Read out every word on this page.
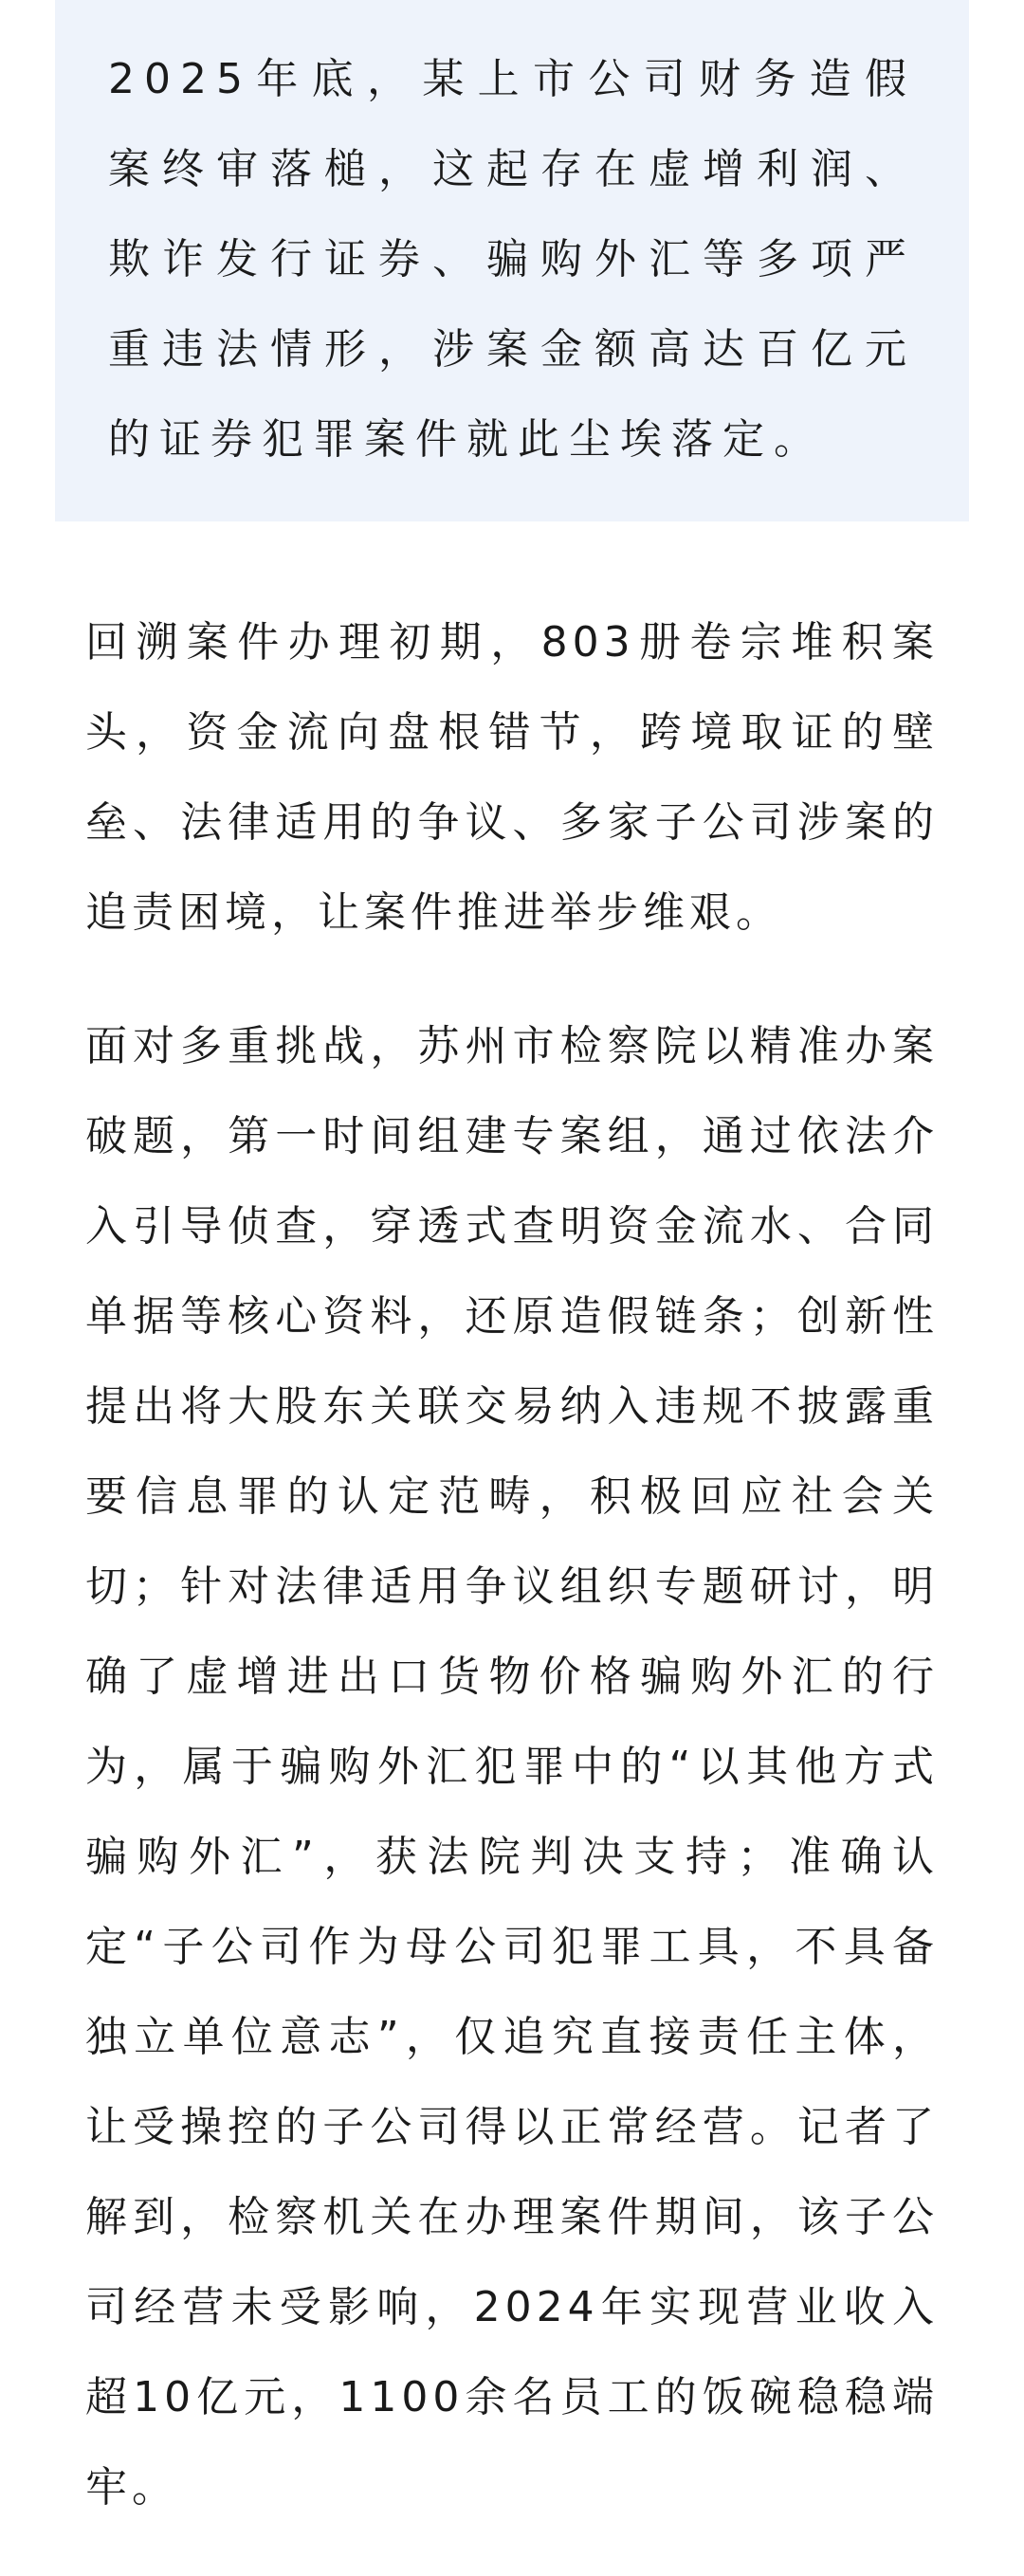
2025年底，某上市公司财务造假案终审落槌，这起存在虚增利润、欺诈发行证券、骗购外汇等多项严重违法情形，涉案金额高达百亿元的证券犯罪案件就此尘埃落定。

回溯案件办理初期，803册卷宗堆积案头，资金流向盘根错节，跨境取证的壁垒、法律适用的争议、多家子公司涉案的追责困境，让案件推进举步维艰。

面对多重挑战，苏州市检察院以精准办案破题，第一时间组建专案组，通过依法介入引导侦查，穿透式查明资金流水、合同单据等核心资料，还原造假链条；创新性提出将大股东关联交易纳入违规不披露重要信息罪的认定范畴，积极回应社会关切；针对法律适用争议组织专题研讨，明确了虚增进出口货物价格骗购外汇的行为，属于骗购外汇犯罪中的“以其他方式骗购外汇”，获法院判决支持；准确认定“子公司作为母公司犯罪工具，不具备独立单位意志”，仅追究直接责任主体，让受操控的子公司得以正常经营。记者了解到，检察机关在办理案件期间，该子公司经营未受影响，2024年实现营业收入超10亿元，1100余名员工的饭碗稳稳端牢。
